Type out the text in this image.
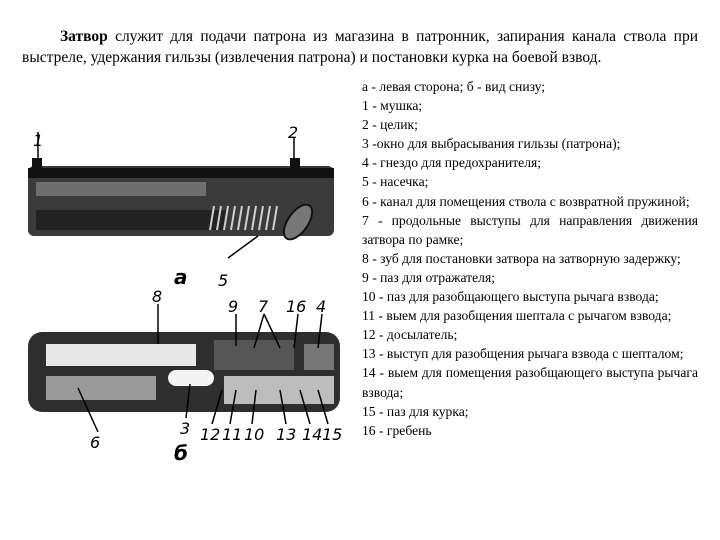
Затвор служит для подачи патрона из магазина в патронник, запирания канала ствола при выстреле, удержания гильзы (извлечения патрона) и постановки курка на боевой взвод.

1	2
5
а
8
9 7 16 4
6
3 12 11 10 13 14 15
б

а - левая сторона; б - вид снизу;

1 - мушка;
2 - целик;
3 -окно для выбрасывания гильзы (патрона);
4 - гнездо для предохранителя;
5 - насечка;
6 - канал для помещения ствола с возвратной пружиной;
7 - продольные выступы для направления движения затвора по рамке;
8 - зуб для постановки затвора на затворную задержку;
9 - паз для отражателя;
10 - паз для разобщающего выступа рычага взвода;
11 - выем для разобщения шептала с рычагом взвода;
12 - досылатель;
13 - выступ для разобщения рычага взвода с шепталом;
14 - выем для помещения разобщающего выступа рычага взвода;
15 - паз для курка;
16 - гребень
